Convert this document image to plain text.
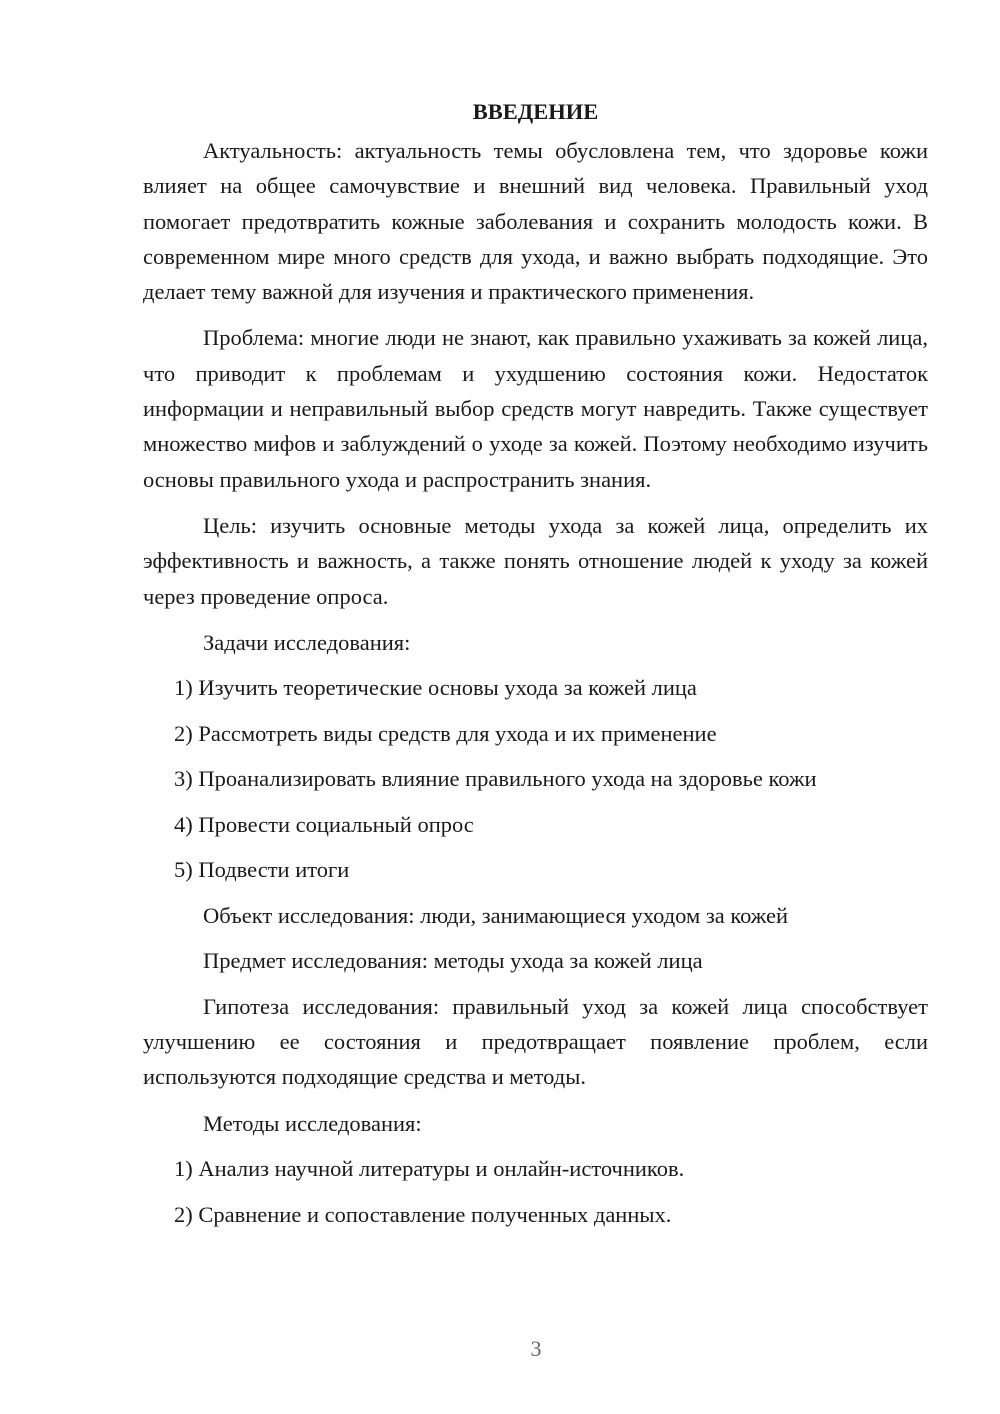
ВВЕДЕНИЕ

Актуальность: актуальность темы обусловлена тем, что здоровье кожи влияет на общее самочувствие и внешний вид человека. Правильный уход помогает предотвратить кожные заболевания и сохранить молодость кожи. В современном мире много средств для ухода, и важно выбрать подходящие. Это делает тему важной для изучения и практического применения.

Проблема: многие люди не знают, как правильно ухаживать за кожей лица, что приводит к проблемам и ухудшению состояния кожи. Недостаток информации и неправильный выбор средств могут навредить. Также существует множество мифов и заблуждений о уходе за кожей. Поэтому необходимо изучить основы правильного ухода и распространить знания.

Цель: изучить основные методы ухода за кожей лица, определить их эффективность и важность, а также понять отношение людей к уходу за кожей через проведение опроса.

Задачи исследования:
1) Изучить теоретические основы ухода за кожей лица
2) Рассмотреть виды средств для ухода и их применение
3) Проанализировать влияние правильного ухода на здоровье кожи
4) Провести социальный опрос
5) Подвести итоги
Объект исследования: люди, занимающиеся уходом за кожей
Предмет исследования: методы ухода за кожей лица

Гипотеза исследования: правильный уход за кожей лица способствует улучшению ее состояния и предотвращает появление проблем, если используются подходящие средства и методы.

Методы исследования:
1) Анализ научной литературы и онлайн-источников.
2) Сравнение и сопоставление полученных данных.
3
